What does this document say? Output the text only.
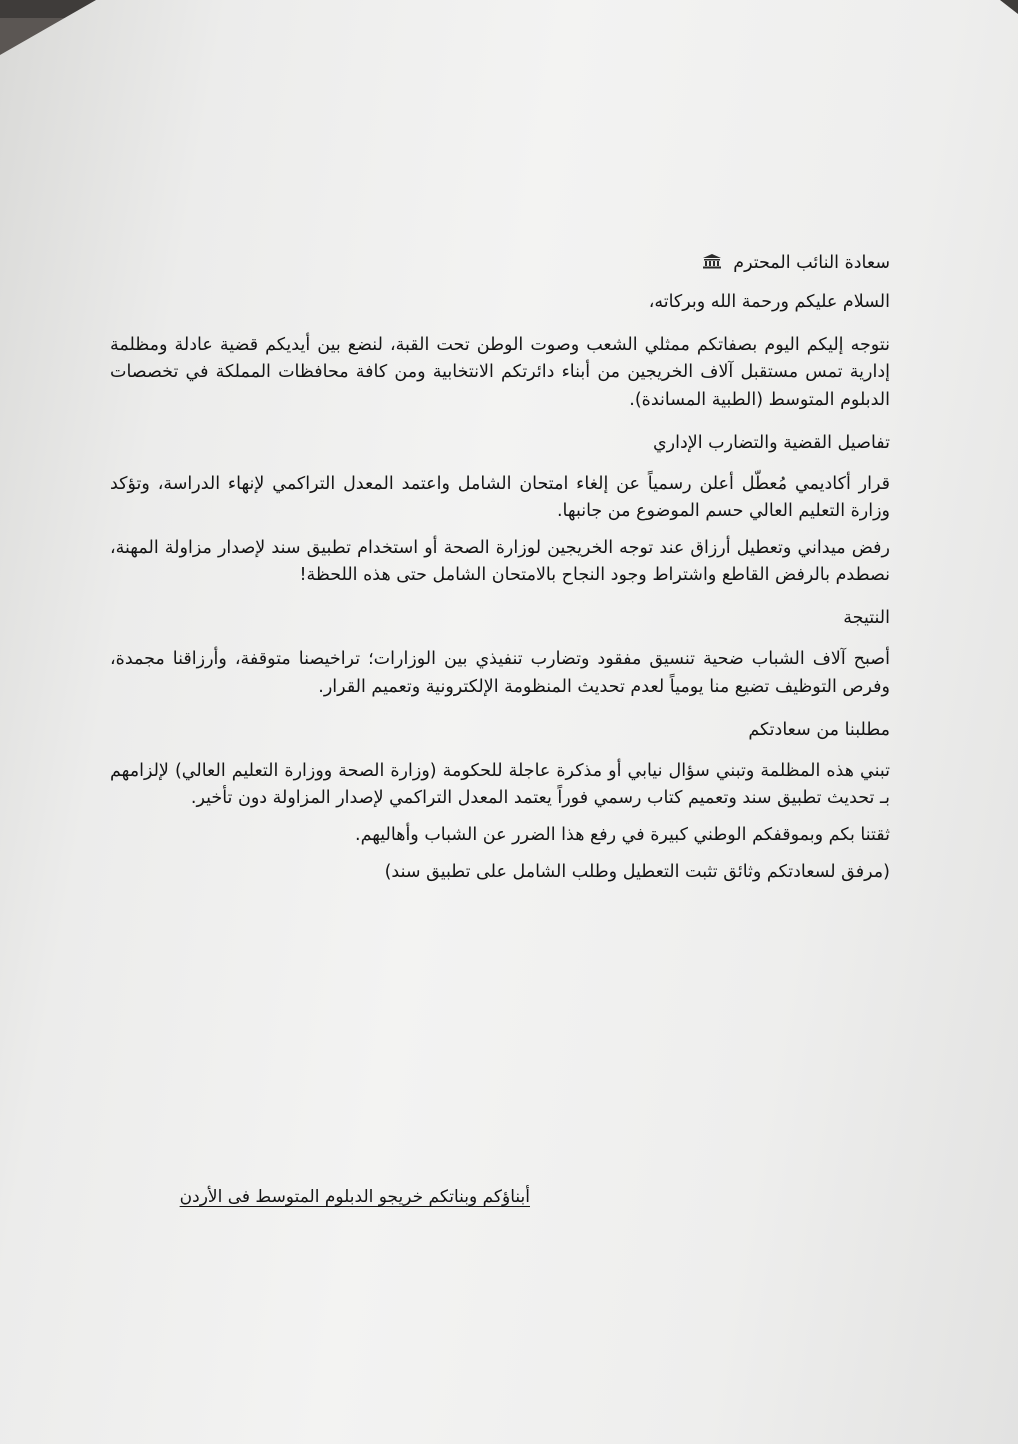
سعادة النائب المحترم

السلام عليكم ورحمة الله وبركاته،

نتوجه إليكم اليوم بصفاتكم ممثلي الشعب وصوت الوطن تحت القبة، لنضع بين أيديكم قضية عادلة ومظلمة إدارية تمس مستقبل آلاف الخريجين من أبناء دائرتكم الانتخابية ومن كافة محافظات المملكة في تخصصات الدبلوم المتوسط (الطبية المساندة).

تفاصيل القضية والتضارب الإداري

قرار أكاديمي مُعطّل أعلن رسمياً عن إلغاء امتحان الشامل واعتمد المعدل التراكمي لإنهاء الدراسة، وتؤكد وزارة التعليم العالي حسم الموضوع من جانبها.

رفض ميداني وتعطيل أرزاق عند توجه الخريجين لوزارة الصحة أو استخدام تطبيق سند لإصدار مزاولة المهنة، نصطدم بالرفض القاطع واشتراط وجود النجاح بالامتحان الشامل حتى هذه اللحظة!

النتيجة

أصبح آلاف الشباب ضحية تنسيق مفقود وتضارب تنفيذي بين الوزارات؛ تراخيصنا متوقفة، وأرزاقنا مجمدة، وفرص التوظيف تضيع منا يومياً لعدم تحديث المنظومة الإلكترونية وتعميم القرار.

مطلبنا من سعادتكم

تبني هذه المظلمة وتبني سؤال نيابي أو مذكرة عاجلة للحكومة (وزارة الصحة ووزارة التعليم العالي) لإلزامهم بـ تحديث تطبيق سند وتعميم كتاب رسمي فوراً يعتمد المعدل التراكمي لإصدار المزاولة دون تأخير.

ثقتنا بكم وبموقفكم الوطني كبيرة في رفع هذا الضرر عن الشباب وأهاليهم.

(مرفق لسعادتكم وثائق تثبت التعطيل وطلب الشامل على تطبيق سند)

أبناؤكم وبناتكم خريجو الدبلوم المتوسط فى الأردن
